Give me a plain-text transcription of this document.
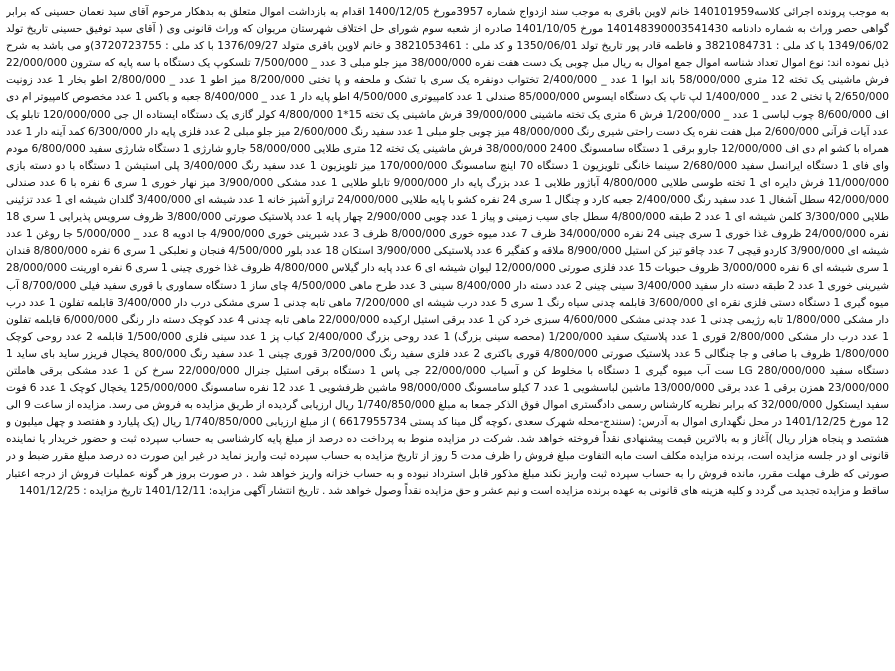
به موجب پرونده اجرائی کلاسه140101959 خانم لاوین باقری به موجب سند ازدواج شماره 3957مورخ 1400/12/05 اقدام به بازداشت اموال متعلق به بدهکار مرحوم آقای سید نعمان حسینی که برابر گواهی حصر وراث به شماره دادنامه 140148390003541430 مورخ 1401/10/05 صادره از شعبه سوم شورای حل اختلاف شهرستان مریوان که وراث قانونی وی ( آقای سید توفیق حسینی تاریخ تولد 1349/06/02 با کد ملی : 3821084731 و فاطمه قادر پور تاریخ تولد 1350/06/01 و کد ملی : 3821053461 و خانم لاوین باقری متولد 1376/09/27 با کد ملی : 3720723755)و می باشد به شرح ذیل نموده اند: نوع اموال تعداد شناسه اموال جمع اموال به ریال مبل چوبی یک دست هفت نفره 38/000/000 میز جلو مبلی 3 عدد _ 7/500/000 تلسکوپ یک دستگاه با سه پایه که سترون 22/000/000 فرش ماشینی یک تخته 12 متری 58/000/000 باند ابوا 1 عدد _ 2/400/000 تختواب دونفره یک سری با تشک و ملحفه و پا تختی 8/200/000 میز اطو 1 عدد _ 2/800/000 اطو بخار 1 عدد زونیت 2/650/000 پا تختی 2 عدد _ 1/400/000 لپ تاپ یک دستگاه ایسوس 85/000/000 صندلی 1 عدد کامپیوتری 4/500/000 اطو پایه دار 1 عدد _ 8/400/000 جعبه و باکس 1 عدد مخصوص کامپیوتر ام دی اف 8/600/000 چوب لباسی 1 عدد _ 1/200/000 فرش 6 متری یک تخته ماشینی 39/000/000 فرش ماشینی یک تخته 15*1 4/800/000 کولر گازی یک دستگاه ایستاده ال جی 120/000/000 تابلو یک عدد آیات قرآنی 2/600/000 مبل هفت نفره یک دست راحتی شیری رنگ 48/000/000 میز چوبی جلو مبلی 1 عدد سفید رنگ 2/600/000 میز جلو مبلی 2 عدد فلزی پایه دار 6/300/000 کمد آینه دار 1 عدد همراه با کشو ام دی اف 12/000/000 جارو برقی 1 دستگاه سامسونگ 2400 38/000/000 فرش ماشینی یک تخته 12 متری طلایی 58/000/000 جارو شارژی 1 دستگاه شارژی سفید 6/800/000 مودم وای فای 1 دستگاه ایرانسل سفید 2/680/000 سینما خانگی تلویزیون 1 دستگاه 70 اینچ سامسونگ 170/000/000 میز تلویزیون 1 عدد سفید رنگ 3/400/000 پلی استیشن 1 دستگاه با دو دسته بازی 11/000/000 فرش دایره ای 1 تخته طوسی طلایی 4/800/000 آباژور طلایی 1 عدد بزرگ پایه دار 9/000/000 تابلو طلایی 1 عدد مشکی 3/900/000 میز نهار خوری 1 سری 6 نفره با 6 عدد صندلی 42/000/000 سطل آشغال 1 عدد سفید رنگ 2/400/000 جعبه کارد و چنگال 1 سری 24 نفره کشو با پایه طلایی 24/000/000 ترازو آشپز خانه 1 عدد شیشه ای 3/400/000 گلدان شیشه ای 1 عدد تزئینی طلایی 3/300/000 کلمن شیشه ای 1 عدد 2 طبقه 4/800/000 سطل جای سیب زمینی و پیاز 1 عدد چوبی 2/900/000 چهار پایه 1 عدد پلاستیک صورتی 3/800/000 ظروف سرویس پذیرایی 1 سری 18 نفره 24/000/000 ظروف غذا خوری 1 سری چینی 24 نفره 34/000/000 ظرف 7 عدد میوه خوری 8/000/000 ظرف 3 عدد شیرینی خوری 4/900/000 جا ادویه 8 عدد _ 5/000/000 جا روغن 1 عدد شیشه ای 3/900/000 کاردو قیچی 7 عدد چاقو تیز کن استیل 8/900/000 ملاقه و کفگیر 6 عدد پلاستیکی 3/900/000 استکان 18 عدد بلور 4/500/000 فنجان و نعلبکی 1 سری 6 نفره 8/800/000 قندان 1 سری شیشه ای 6 نفره 3/000/000 ظروف حبوبات 15 عدد فلزی صورتی 12/000/000 لیوان شیشه ای 6 عدد پایه دار گیلاس 4/800/000 ظروف غذا خوری چینی 1 سری 6 نفره اورینت 28/000/000 شیرینی خوری 1 عدد 2 طبقه دسته دار سفید 3/400/000 سینی چینی 2 عدد دسته دار 8/400/000 سینی 3 عدد طرح ماهی 4/500/000 چای ساز 1 دستگاه سماوری با قوری سفید فیلی 8/700/000 آب میوه گیری 1 دستگاه دستی فلزی نقره ای 3/600/000 قابلمه چدنی سیاه رنگ 1 سری 5 عدد درب شیشه ای 7/200/000 ماهی تابه چدنی 1 سری مشکی درب دار 3/400/000 قابلمه تفلون 1 عدد درب دار مشکی 1/800/000 تابه رژیمی چدنی 1 عدد چدنی مشکی 4/600/000 سبزی خرد کن 1 عدد برقی استیل ارکیده 22/000/000 ماهی تابه چدنی 4 عدد کوچک دسته دار رنگی 6/000/000 قابلمه تفلون 1 عدد درب دار مشکی 2/800/000 قوری 1 عدد پلاستیک سفید 1/200/000 (محصه سینی بزرگ) 1 عدد روحی بزرگ 2/400/000 کباب پز 1 عدد سینی فلزی 1/500/000 قابلمه 2 عدد روحی کوچک 1/800/000 ظروف با صافی و جا چنگالی 5 عدد پلاستیک صورتی 4/800/000 قوری باکتری 2 عدد فلزی سفید رنگ 3/200/000 قوری چینی 1 عدد سفید رنگ 800/000 یخچال فریزر ساید بای ساید 1 دستگاه سفید LG 280/000/000 ست آب میوه گیری 1 دستگاه با مخلوط کن و آسیاب 22/000/000 جی پاس 1 دستگاه برقی استیل جنرال 22/000/000 سرخ کن 1 عدد مشکی برقی هاملتن 23/000/000 همزن برقی 1 عدد برقی 13/000/000 ماشین لباسشویی 1 عدد 7 کیلو سامسونگ 98/000/000 ماشین ظرفشویی 1 عدد 12 نفره سامسونگ 125/000/000 یخچال کوچک 1 عدد 6 فوت سفید ایستکول 32/000/000 که برابر نظریه کارشناس رسمی دادگستری اموال فوق الذکر جمعا به مبلغ 1/740/850/000 ریال ارزیابی گردیده از طریق مزایده به فروش می رسد. مزایده از ساعت 9 الی 12 مورخ 1401/12/25 در محل نگهداری اموال به آدرس: (سنندج-محله شهرک سعدی ،کوچه گل مینا کد پستی 6617955734 ) از مبلغ ارزیابی 1/740/850/000 ریال (یک پلیارد و هفتصد و چهل میلیون و هشتصد و پنجاه هزار ریال )آغاز و به بالاترین قیمت پیشنهادی نقداً فروخته خواهد شد. شرکت در مزایده منوط به پرداخت ده درصد از مبلغ پایه کارشناسی به حساب سپرده ثبت و حضور خریدار یا نماینده قانونی او در جلسه مزایده است، برنده مزایده مکلف است مابه التفاوت مبلغ فروش را ظرف مدت 5 روز از تاریخ مزایده به حساب سپرده ثبت واریز نماید در غیر این صورت ده درصد مبلغ مقرر ضبط و در صورتی که ظرف مهلت مقرر، مانده فروش را به حساب سپرده ثبت واریز نکند مبلغ مذکور قابل استرداد نبوده و به حساب خزانه واریز خواهد شد . در صورت بروز هر گونه عملیات فروش از درجه اعتبار ساقط و مزایده تجدید می گردد و کلیه هزینه های قانونی به عهده برنده مزایده است و نیم عشر و حق مزایده نقداً وصول خواهد شد . تاریخ انتشار آگهی مزایده: 1401/12/11 تاریخ مزایده : 1401/12/25
